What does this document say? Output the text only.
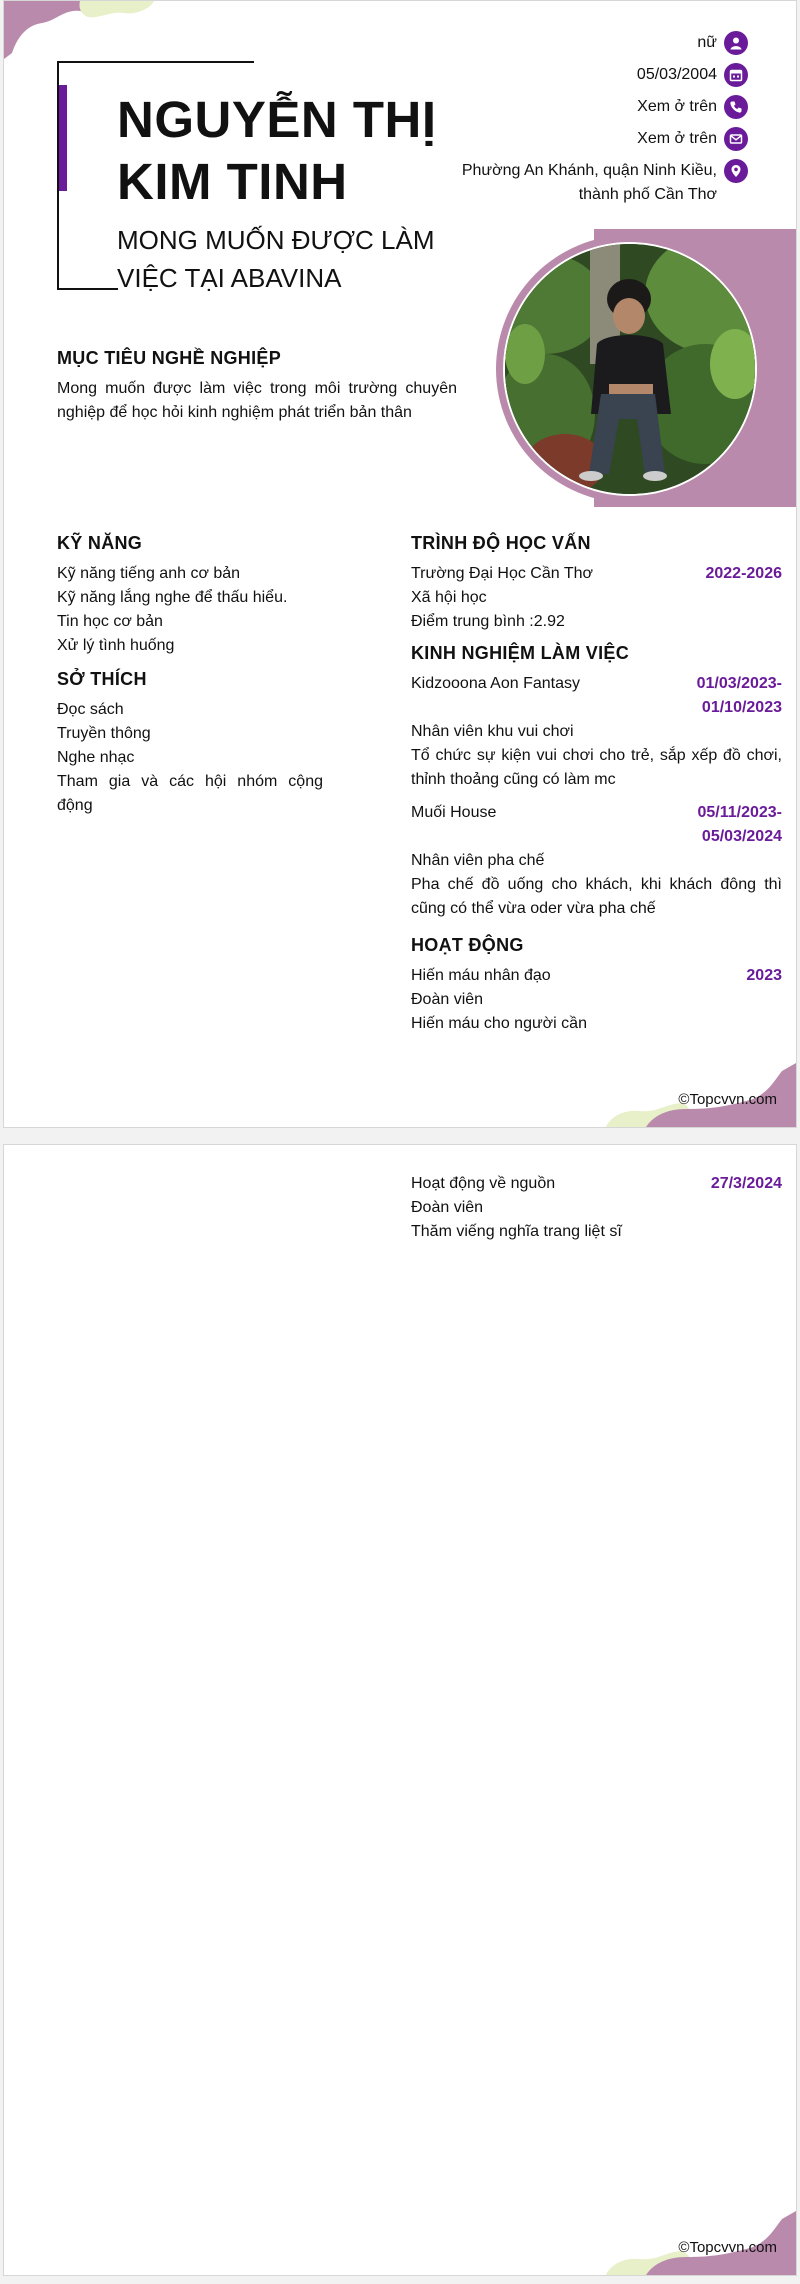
NGUYỄN THỊ KIM TINH
MONG MUỐN ĐƯỢC LÀM VIỆC TẠI ABAVINA
nữ
05/03/2004
Xem ở trên
Xem ở trên
Phường An Khánh, quận Ninh Kiều, thành phố Cần Thơ
MỤC TIÊU NGHỀ NGHIỆP

Mong muốn được làm việc trong môi trường chuyên nghiệp để học hỏi kinh nghiệm phát triển bản thân

KỸ NĂNG
Kỹ năng tiếng anh cơ bản
Kỹ năng lắng nghe để thấu hiểu.
Tin học cơ bản
Xử lý tình huống
SỞ THÍCH
Đọc sách
Truyền thông
Nghe nhạc
Tham gia và các hội nhóm cộng động
TRÌNH ĐỘ HỌC VẤN
Trường Đại Học Cần Thơ	2022-2026
Xã hội học
Điểm trung bình :2.92
KINH NGHIỆM LÀM VIỆC
Kidzooona Aon Fantasy	01/03/2023-01/10/2023
Nhân viên khu vui chơi
Tổ chức sự kiện vui chơi cho trẻ, sắp xếp đồ chơi, thỉnh thoảng cũng có làm mc
Muối House	05/11/2023-05/03/2024
Nhân viên pha chế
Pha chế đồ uống cho khách, khi khách đông thì cũng có thể vừa oder vừa pha chế
HOẠT ĐỘNG
Hiến máu nhân đạo	2023
Đoàn viên
Hiến máu cho người cần
©Topcvvn.com
Hoạt động về nguồn	27/3/2024
Đoàn viên
Thăm viếng nghĩa trang liệt sĩ
©Topcvvn.com
